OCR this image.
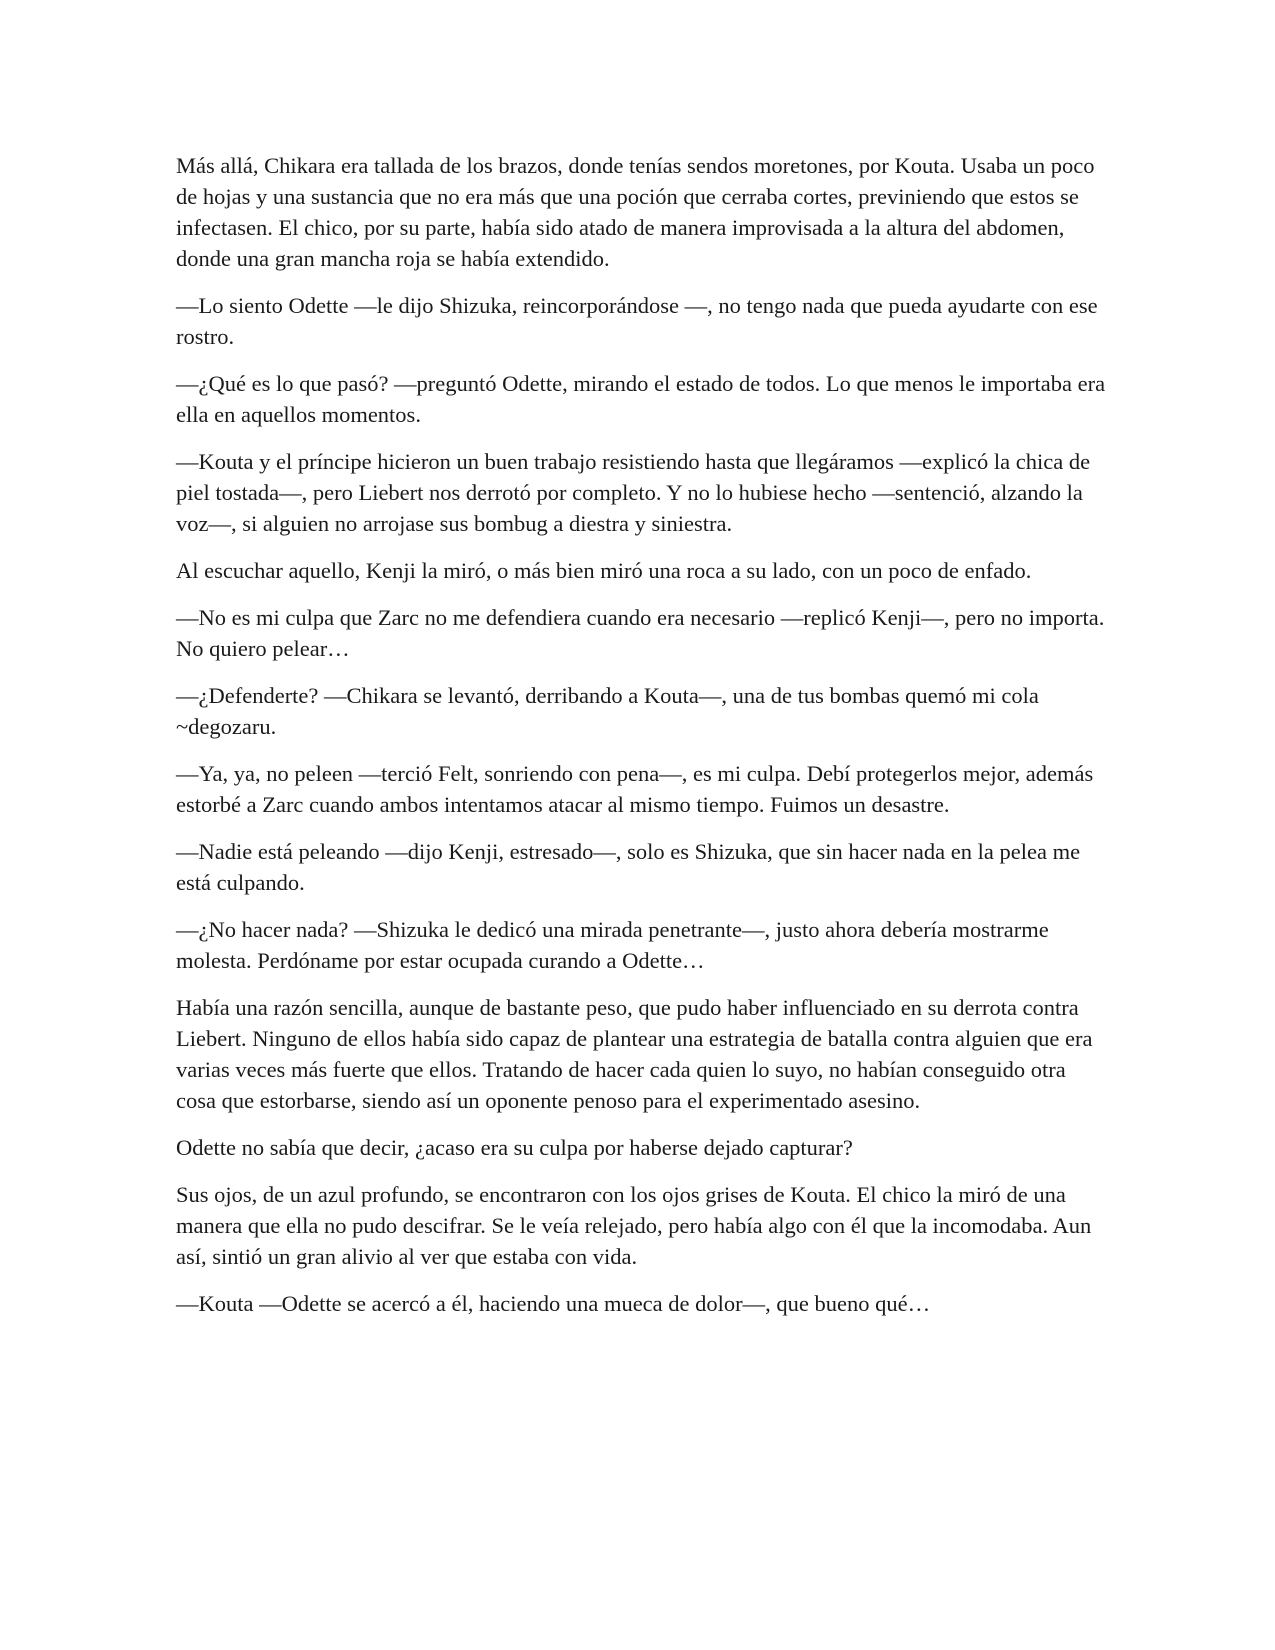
Más allá, Chikara era tallada de los brazos, donde tenías sendos moretones, por Kouta. Usaba un poco de hojas y una sustancia que no era más que una poción que cerraba cortes, previniendo que estos se infectasen. El chico, por su parte, había sido atado de manera improvisada a la altura del abdomen, donde una gran mancha roja se había extendido.

—Lo siento Odette —le dijo Shizuka, reincorporándose —, no tengo nada que pueda ayudarte con ese rostro.

—¿Qué es lo que pasó? —preguntó Odette, mirando el estado de todos. Lo que menos le importaba era ella en aquellos momentos.

—Kouta y el príncipe hicieron un buen trabajo resistiendo hasta que llegáramos —explicó la chica de piel tostada—, pero Liebert nos derrotó por completo. Y no lo hubiese hecho —sentenció, alzando la voz—, si alguien no arrojase sus bombug a diestra y siniestra.

Al escuchar aquello, Kenji la miró, o más bien miró una roca a su lado, con un poco de enfado.

—No es mi culpa que Zarc no me defendiera cuando era necesario —replicó Kenji—, pero no importa. No quiero pelear…

—¿Defenderte? —Chikara se levantó, derribando a Kouta—, una de tus bombas quemó mi cola ~degozaru.

—Ya, ya, no peleen —terció Felt, sonriendo con pena—, es mi culpa. Debí protegerlos mejor, además estorbé a Zarc cuando ambos intentamos atacar al mismo tiempo. Fuimos un desastre.

—Nadie está peleando —dijo Kenji, estresado—, solo es Shizuka, que sin hacer nada en la pelea me está culpando.

—¿No hacer nada? —Shizuka le dedicó una mirada penetrante—, justo ahora debería mostrarme molesta. Perdóname por estar ocupada curando a Odette…

Había una razón sencilla, aunque de bastante peso, que pudo haber influenciado en su derrota contra Liebert. Ninguno de ellos había sido capaz de plantear una estrategia de batalla contra alguien que era varias veces más fuerte que ellos. Tratando de hacer cada quien lo suyo, no habían conseguido otra cosa que estorbarse, siendo así un oponente penoso para el experimentado asesino.

Odette no sabía que decir, ¿acaso era su culpa por haberse dejado capturar?

Sus ojos, de un azul profundo, se encontraron con los ojos grises de Kouta. El chico la miró de una manera que ella no pudo descifrar. Se le veía relejado, pero había algo con él que la incomodaba. Aun así, sintió un gran alivio al ver que estaba con vida.

—Kouta —Odette se acercó a él, haciendo una mueca de dolor—, que bueno qué…
